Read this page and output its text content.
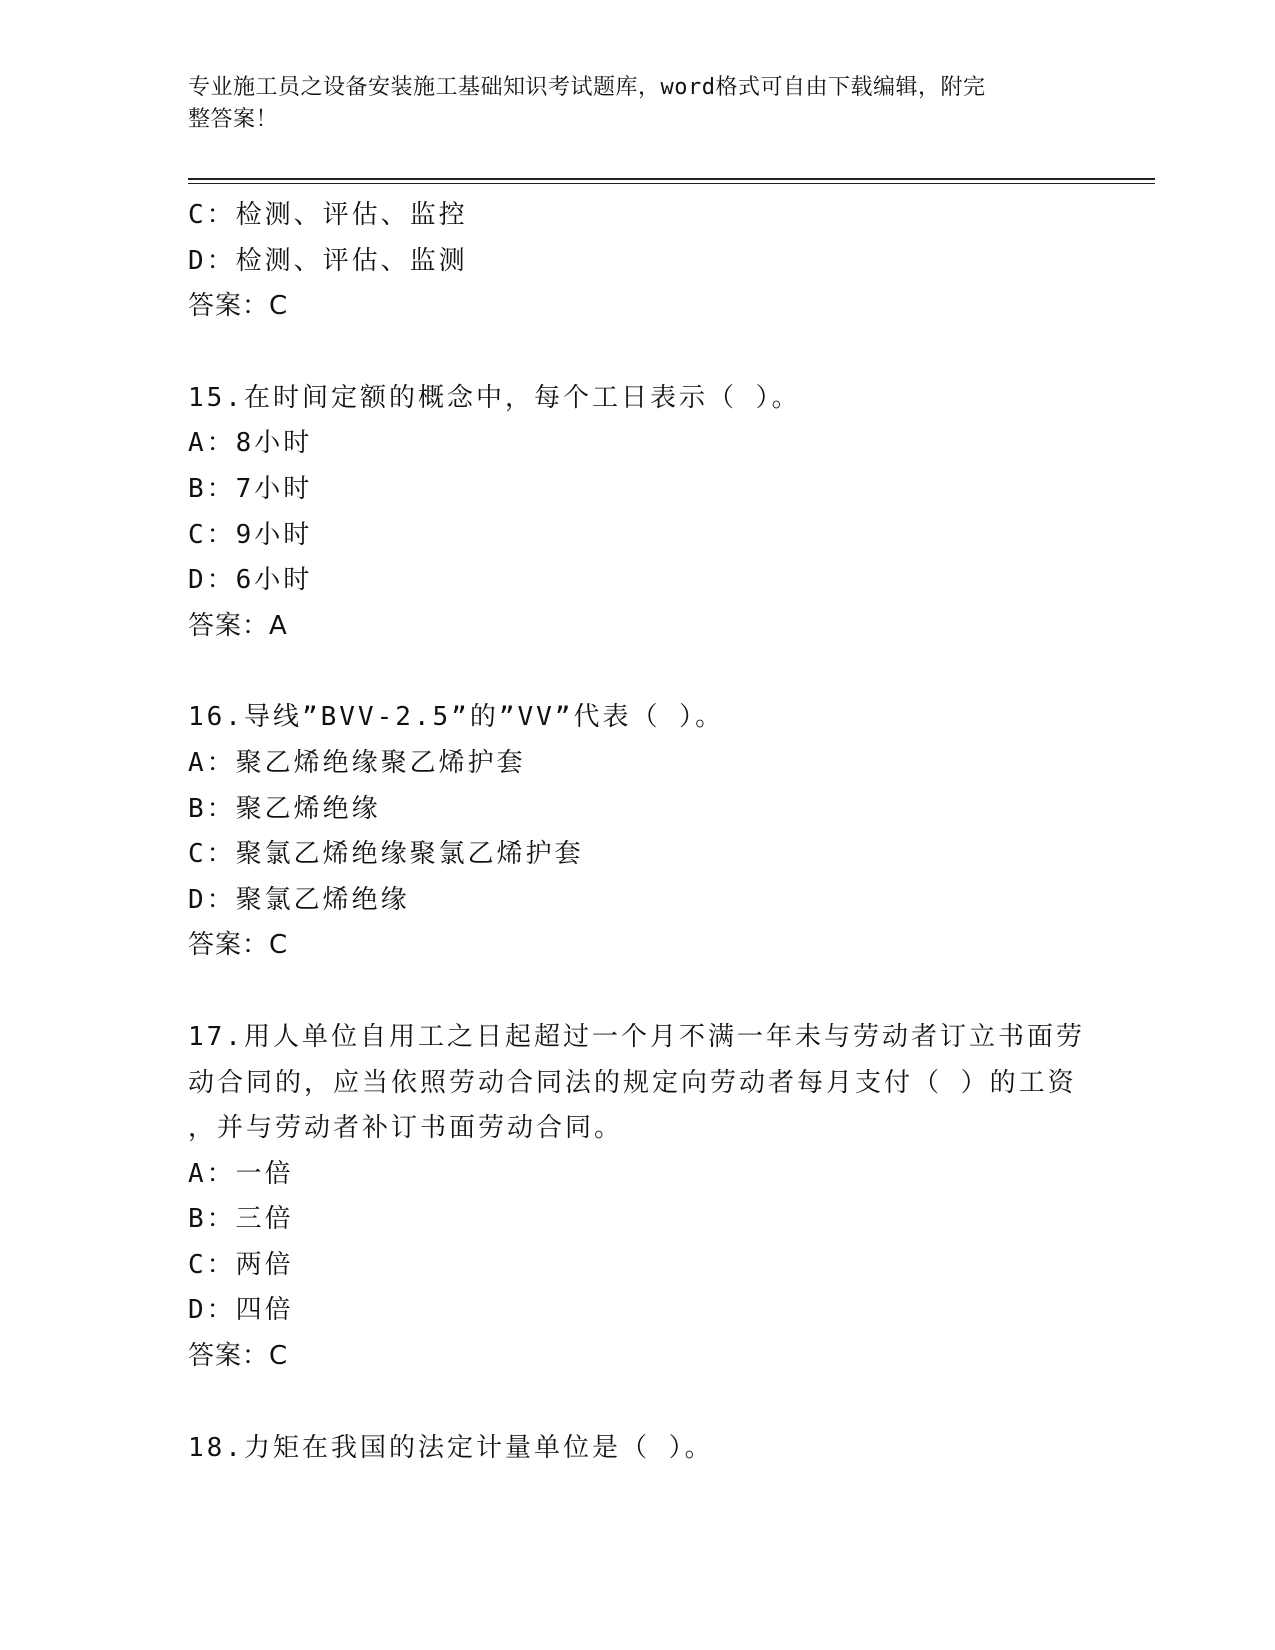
专业施工员之设备安装施工基础知识考试题库，word格式可自由下载编辑，附完
整答案！
C：检测、评估、监控
D：检测、评估、监测
答案：C
15.在时间定额的概念中，每个工日表示（ ）。
A：8小时
B：7小时
C：9小时
D：6小时
答案：A
16.导线”BVV-2.5”的”VV”代表（ ）。
A：聚乙烯绝缘聚乙烯护套
B：聚乙烯绝缘
C：聚氯乙烯绝缘聚氯乙烯护套
D：聚氯乙烯绝缘
答案：C
17.用人单位自用工之日起超过一个月不满一年未与劳动者订立书面劳
动合同的，应当依照劳动合同法的规定向劳动者每月支付（ ）的工资
，并与劳动者补订书面劳动合同。
A：一倍
B：三倍
C：两倍
D：四倍
答案：C
18.力矩在我国的法定计量单位是（ ）。
